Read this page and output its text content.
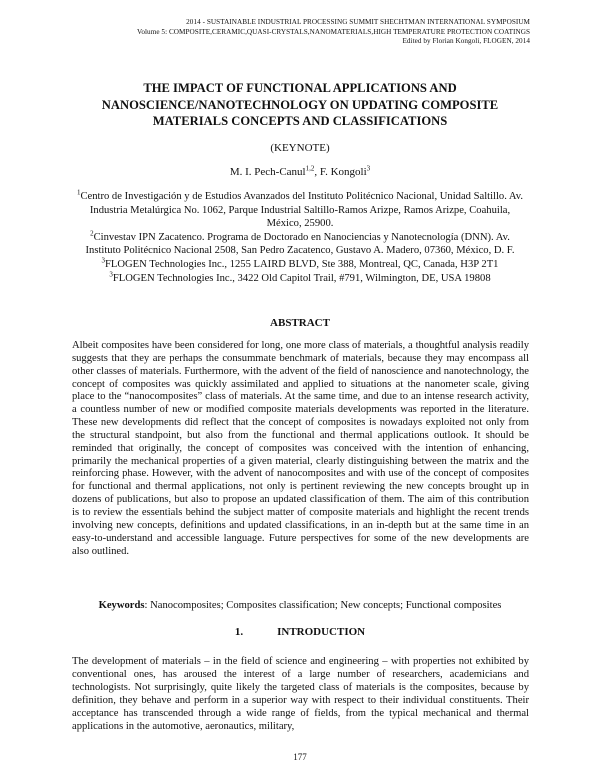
2014 - SUSTAINABLE INDUSTRIAL PROCESSING SUMMIT SHECHTMAN INTERNATIONAL SYMPOSIUM
Volume 5: COMPOSITE,CERAMIC,QUASI-CRYSTALS,NANOMATERIALS,HIGH TEMPERATURE PROTECTION COATINGS
Edited by Florian Kongoli, FLOGEN, 2014
THE IMPACT OF FUNCTIONAL APPLICATIONS AND NANOSCIENCE/NANOTECHNOLOGY ON UPDATING COMPOSITE MATERIALS CONCEPTS AND CLASSIFICATIONS
(KEYNOTE)
M. I. Pech-Canul$^{1,2}$, F. Kongoli$^3$

$^1$Centro de Investigación y de Estudios Avanzados del Instituto Politécnico Nacional, Unidad Saltillo. Av. Industria Metalúrgica No. 1062, Parque Industrial Saltillo-Ramos Arizpe, Ramos Arizpe, Coahuila, México, 25900.

$^2$Cinvestav IPN Zacatenco. Programa de Doctorado en Nanociencias y Nanotecnología (DNN). Av. Instituto Politécnico Nacional 2508, San Pedro Zacatenco, Gustavo A. Madero, 07360, México, D. F.

$^3$FLOGEN Technologies Inc., 1255 LAIRD BLVD, Ste 388, Montreal, QC, Canada, H3P 2T1

$^3$FLOGEN Technologies Inc., 3422 Old Capitol Trail, #791, Wilmington, DE, USA 19808

ABSTRACT

Albeit composites have been considered for long, one more class of materials, a thoughtful analysis readily suggests that they are perhaps the consummate benchmark of materials, because they may encompass all other classes of materials. Furthermore, with the advent of the field of nanoscience and nanotechnology, the concept of composites was quickly assimilated and applied to situations at the nanometer scale, giving place to the “nanocomposites” class of materials. At the same time, and due to an intense research activity, a countless number of new or modified composite materials developments was reported in the literature. These new developments did reflect that the concept of composites is nowadays exploited not only from the structural standpoint, but also from the functional and thermal applications outlook. It should be reminded that originally, the concept of composites was conceived with the intention of enhancing, primarily the mechanical properties of a given material, clearly distinguishing between the matrix and the reinforcing phase. However, with the advent of nanocomposites and with use of the concept of composites for functional and thermal applications, not only is pertinent reviewing the new concepts brought up in dozens of publications, but also to propose an updated classification of them. The aim of this contribution is to review the essentials behind the subject matter of composite materials and highlight the recent trends involving new concepts, definitions and updated classifications, in an in-depth but at the same time in an easy-to-understand and accessible language. Future perspectives for some of the new developments are also outlined.

Keywords: Nanocomposites; Composites classification; New concepts; Functional composites
1.	INTRODUCTION

The development of materials – in the field of science and engineering – with properties not exhibited by conventional ones, has aroused the interest of a large number of researchers, academicians and technologists. Not surprisingly, quite likely the targeted class of materials is the composites, because by definition, they behave and perform in a superior way with respect to their individual constituents. Their acceptance has transcended through a wide range of fields, from the typical mechanical and thermal applications in the automotive, aeronautics, military,

177
